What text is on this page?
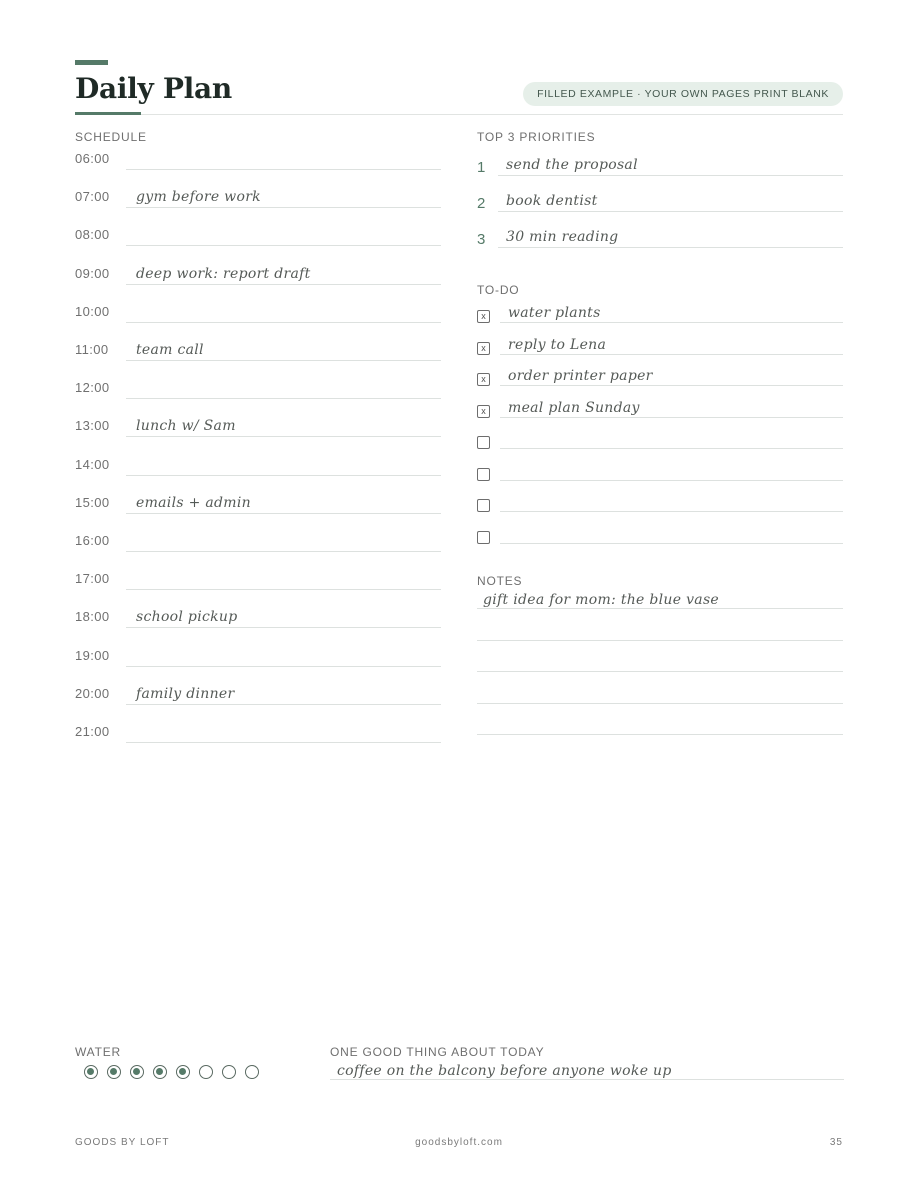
Daily Plan	FILLED EXAMPLE · YOUR OWN PAGES PRINT BLANK
SCHEDULE
06:00
07:00 gym before work
08:00
09:00 deep work: report draft
10:00
11:00 team call
12:00
13:00 lunch w/ Sam
14:00
15:00 emails + admin
16:00
17:00
18:00 school pickup
19:00
20:00 family dinner
21:00
TOP 3 PRIORITIES
1 send the proposal
2 book dentist
3 30 min reading
TO-DO
x	water plants
x	reply to Lena
x	order printer paper
x	meal plan Sunday
NOTES
gift idea for mom: the blue vase
WATER	ONE GOOD THING ABOUT TODAY
coffee on the balcony before anyone woke up
GOODS BY LOFT	goodsbyloft.com	35
